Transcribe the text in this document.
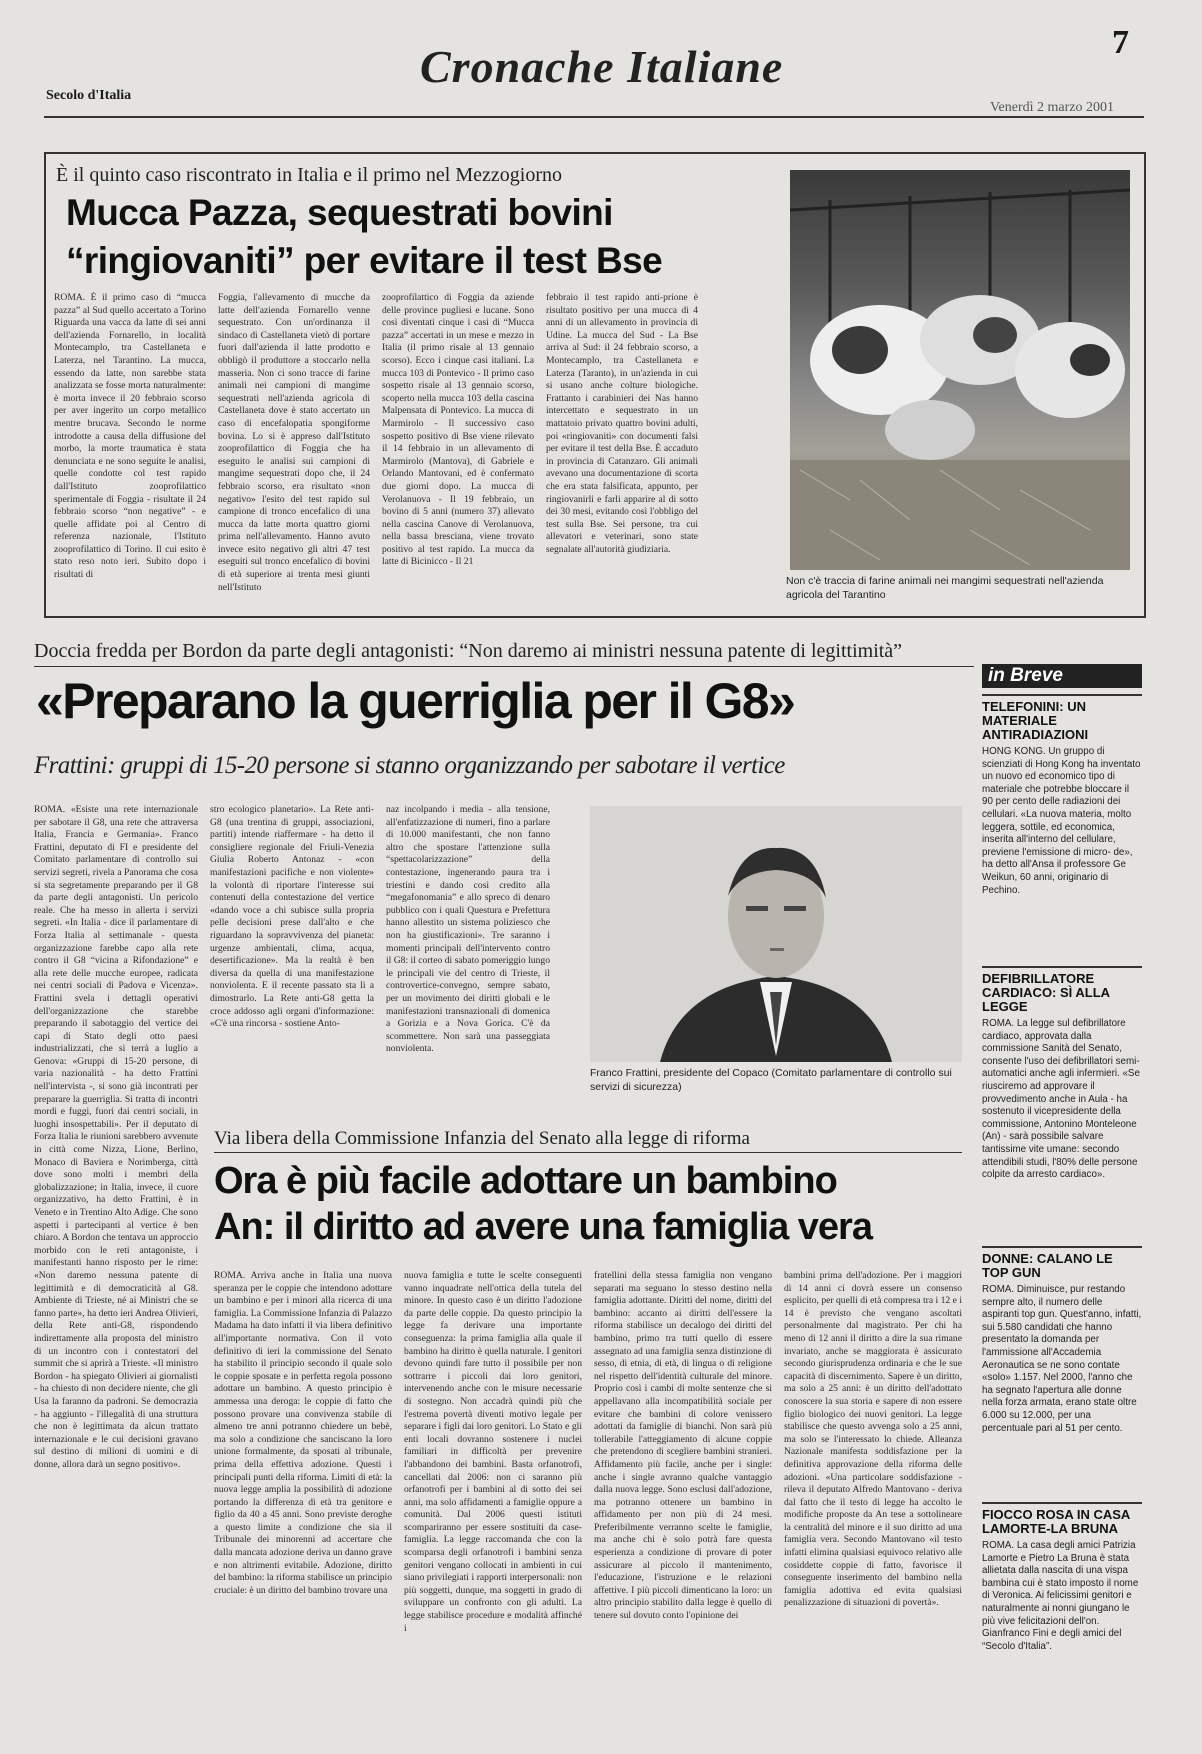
Cronache Italiane	7
Secolo d'Italia
Venerdì 2 marzo 2001
È il quinto caso riscontrato in Italia e il primo nel Mezzogiorno
Mucca Pazza, sequestrati bovini
“ringiovaniti” per evitare il test Bse
ROMA. È il primo caso di “mucca pazza” al Sud quello accertato a Torino Riguarda una vacca da latte di sei anni dell'azienda Fornarello, in località Montecamplo, tra Castellaneta e Laterza, nel Tarantino. La mucca, essendo da latte, non sarebbe stata analizzata se fosse morta naturalmente: è morta invece il 20 febbraio scorso per aver ingerito un corpo metallico mentre brucava. Secondo le norme introdotte a causa della diffusione del morbo, la morte traumatica è stata denunciata e ne sono seguite le analisi, quelle condotte col test rapido dall'Istituto zooprofilattico sperimentale di Foggia - risultate il 24 febbraio scorso “non negative” - e quelle affidate poi al Centro di referenza nazionale, l'Istituto zooprofilattico di Torino. Il cui esito è stato reso noto ieri. Subito dopo i risultati di
Foggia, l'allevamento di mucche da latte dell'azienda Fornarello venne sequestrato. Con un'ordinanza il sindaco di Castellaneta vietò di portare fuori dall'azienda il latte prodotto e obbligò il produttore a stoccarlo nella masseria. Non ci sono tracce di farine animali nei campioni di mangime sequestrati nell'azienda agricola di Castellaneta dove è stato accertato un caso di encefalopatia spongiforme bovina. Lo si è appreso dall'Istituto zooprofilattico di Foggia che ha eseguito le analisi sui campioni di mangime sequestrati dopo che, il 24 febbraio scorso, era risultato «non negativo» l'esito del test rapido sul campione di tronco encefalico di una mucca da latte morta quattro giorni prima nell'allevamento. Hanno avuto invece esito negativo gli altri 47 test eseguiti sul tronco encefalico di bovini di età superiore ai trenta mesi giunti nell'Istituto
zooprofilattico di Foggia da aziende delle province pugliesi e lucane. Sono così diventati cinque i casi di “Mucca pazza” accertati in un mese e mezzo in Italia (il primo risale al 13 gennaio scorso). Ecco i cinque casi italiani. La mucca 103 di Pontevico - Il primo caso sospetto risale al 13 gennaio scorso, scoperto nella mucca 103 della cascina Malpensata di Pontevico. La mucca di Marmirolo - Il successivo caso sospetto positivo di Bse viene rilevato il 14 febbraio in un allevamento di Marmirolo (Mantova), di Gabriele e Orlando Mantovani, ed è confermato due giorni dopo. La mucca di Verolanuova - Il 19 febbraio, un bovino di 5 anni (numero 37) allevato nella cascina Canove di Verolanuova, nella bassa bresciana, viene trovato positivo al test rapido. La mucca da latte di Bicinicco - Il 21
febbraio il test rapido anti-prione è risultato positivo per una mucca di 4 anni di un allevamento in provincia di Udine. La mucca del Sud - La Bse arriva al Sud: il 24 febbraio scorso, a Montecamplo, tra Castellaneta e Laterza (Taranto), in un'azienda in cui si usano anche colture biologiche. Frattanto i carabinieri dei Nas hanno intercettato e sequestrato in un mattatoio privato quattro bovini adulti, poi «ringiovaniti» con documenti falsi per evitare il test della Bse. È accaduto in provincia di Catanzaro. Gli animali avevano una documentazione di scorta che era stata falsificata, appunto, per ringiovanirli e farli apparire al di sotto dei 30 mesi, evitando così l'obbligo del test sulla Bse. Sei persone, tra cui allevatori e veterinari, sono state segnalate all'autorità giudiziaria.
Non c'è traccia di farine animali nei mangimi sequestrati nell'azienda agricola del Tarantino
Doccia fredda per Bordon da parte degli antagonisti: “Non daremo ai ministri nessuna patente di legittimità”
«Preparano la guerriglia per il G8»
Frattini: gruppi di 15-20 persone si stanno organizzando per sabotare il vertice
ROMA. «Esiste una rete internazionale per sabotare il G8, una rete che attraversa Italia, Francia e Germania». Franco Frattini, deputato di FI e presidente del Comitato parlamentare di controllo sui servizi segreti, rivela a Panorama che cosa si sta segretamente preparando per il G8 da parte degli antagonisti. Un pericolo reale. Che ha messo in allerta i servizi segreti. «In Italia - dice il parlamentare di Forza Italia al settimanale - questa organizzazione farebbe capo alla rete contro il G8 “vicina a Rifondazione” e alla rete delle mucche europee, radicata nei centri sociali di Padova e Vicenza». Frattini svela i dettagli operativi dell'organizzazione che starebbe preparando il sabotaggio del vertice dei capi di Stato degli otto paesi industrializzati, che si terrà a luglio a Genova: «Gruppi di 15-20 persone, di varia nazionalità - ha detto Frattini nell'intervista -, si sono già incontrati per preparare la guerriglia. Si tratta di incontri mordi e fuggi, fuori dai centri sociali, in luoghi insospettabili». Per il deputato di Forza Italia le riunioni sarebbero avvenute in città come Nizza, Lione, Berlino, Monaco di Baviera e Norimberga, città dove sono molti i membri della globalizzazione; in Italia, invece, il cuore organizzativo, ha detto Frattini, è in Veneto e in Trentino Alto Adige. Che sono aspetti i partecipanti al vertice è ben chiaro. A Bordon che tentava un approccio morbido con le reti antagoniste, i manifestanti hanno risposto per le rime: «Non daremo nessuna patente di legittimità e di democraticità al G8. Ambiente di Trieste, né ai Ministri che se fanno parte», ha detto ieri Andrea Olivieri, della Rete anti-G8, rispondendo indirettamente alla proposta del ministro di un incontro con i contestatori del summit che si aprirà a Trieste. «Il ministro Bordon - ha spiegato Olivieri ai giornalisti - ha chiesto di non decidere niente, che gli Usa la faranno da padroni. Se democrazia - ha aggiunto - l'illegalità di una struttura che non è legittimata da alcun trattato internazionale e le cui decisioni gravano sul destino di milioni di uomini e di donne, allora darà un segno positivo».
stro ecologico planetario». La Rete anti-G8 (una trentina di gruppi, associazioni, partiti) intende riaffermare - ha detto il consigliere regionale del Friuli-Venezia Giulia Roberto Antonaz - «con manifestazioni pacifiche e non violente» la volontà di riportare l'interesse sui contenuti della contestazione del vertice «dando voce a chi subisce sulla propria pelle decisioni prese dall'alto e che riguardano la sopravvivenza del pianeta: urgenze ambientali, clima, acqua, desertificazione». Ma la realtà è ben diversa da quella di una manifestazione nonviolenta. E il recente passato sta lì a dimostrarlo. La Rete anti-G8 getta la croce addosso agli organi d'informazione: «C'è una rincorsa - sostiene Anto-
naz incolpando i media - alla tensione, all'enfatizzazione di numeri, fino a parlare di 10.000 manifestanti, che non fanno altro che spostare l'attenzione sulla “spettacolarizzazione” della contestazione, ingenerando paura tra i triestini e dando così credito alla “megafonomania” e allo spreco di denaro pubblico con i quali Questura e Prefettura hanno allestito un sistema poliziesco che non ha giustificazioni». Tre saranno i momenti principali dell'intervento contro il G8: il corteo di sabato pomeriggio lungo le principali vie del centro di Trieste, il controvertice-convegno, sempre sabato, per un movimento dei diritti globali e le manifestazioni transnazionali di domenica a Gorizia e a Nova Gorica. C'è da scommettere. Non sarà una passeggiata nonviolenta.
Franco Frattini, presidente del Copaco (Comitato parlamentare di controllo sui servizi di sicurezza)
Via libera della Commissione Infanzia del Senato alla legge di riforma
Ora è più facile adottare un bambino
An: il diritto ad avere una famiglia vera
ROMA. Arriva anche in Italia una nuova speranza per le coppie che intendono adottare un bambino e per i minori alla ricerca di una famiglia. La Commissione Infanzia di Palazzo Madama ha dato infatti il via libera definitivo all'importante normativa. Con il voto definitivo di ieri la commissione del Senato ha stabilito il principio secondo il quale solo le coppie sposate e in perfetta regola possono adottare un bambino. A questo principio è ammessa una deroga: le coppie di fatto che possono provare una convivenza stabile di almeno tre anni potranno chiedere un bebè, ma solo a condizione che sanciscano la loro unione formalmente, da sposati al tribunale, prima della effettiva adozione. Questi i principali punti della riforma. Limiti di età: la nuova legge amplia la possibilità di adozione portando la differenza di età tra genitore e figlio da 40 a 45 anni. Sono previste deroghe a questo limite a condizione che sia il Tribunale dei minorenni ad accertare che dalla mancata adozione deriva un danno grave e non altrimenti evitabile. Adozione, diritto del bambino: la riforma stabilisce un principio cruciale: è un diritto del bambino trovare una
nuova famiglia e tutte le scelte conseguenti vanno inquadrate nell'ottica della tutela del minore. In questo caso è un diritto l'adozione da parte delle coppie. Da questo principio la legge fa derivare una importante conseguenza: la prima famiglia alla quale il bambino ha diritto è quella naturale. I genitori devono quindi fare tutto il possibile per non sottrarre i piccoli dai loro genitori, intervenendo anche con le misure necessarie di sostegno. Non accadrà quindi più che l'estrema povertà diventi motivo legale per separare i figli dai loro genitori. Lo Stato e gli enti locali dovranno sostenere i nuclei familiari in difficoltà per prevenire l'abbandono dei bambini. Basta orfanotrofi, cancellati dal 2006: non ci saranno più orfanotrofi per i bambini al di sotto dei sei anni, ma solo affidamenti a famiglie oppure a comunità. Dal 2006 questi istituti scompariranno per essere sostituiti da case-famiglia. La legge raccomanda che con la scomparsa degli orfanotrofi i bambini senza genitori vengano collocati in ambienti in cui siano privilegiati i rapporti interpersonali: non più soggetti, dunque, ma soggetti in grado di sviluppare un confronto con gli adulti. La legge stabilisce procedure e modalità affinché i
fratellini della stessa famiglia non vengano separati ma seguano lo stesso destino nella famiglia adottante. Diritti del nome, diritti del bambino: accanto ai diritti dell'essere la riforma stabilisce un decalogo dei diritti del bambino, primo tra tutti quello di essere assegnato ad una famiglia senza distinzione di sesso, di etnia, di età, di lingua o di religione nel rispetto dell'identità culturale del minore. Proprio così i cambi di molte sentenze che si appellavano alla incompatibilità sociale per evitare che bambini di colore venissero adottati da famiglie di bianchi. Non sarà più tollerabile l'atteggiamento di alcune coppie che pretendono di scegliere bambini stranieri. Affidamento più facile, anche per i single: anche i single avranno qualche vantaggio dalla nuova legge. Sono esclusi dall'adozione, ma potranno ottenere un bambino in affidamento per non più di 24 mesi. Preferibilmente verranno scelte le famiglie, ma anche chi è solo potrà fare questa esperienza a condizione di provare di poter assicurare al piccolo il mantenimento, l'educazione, l'istruzione e le relazioni affettive. I più piccoli dimenticano la loro: un altro principio stabilito dalla legge è quello di tenere sul dovuto conto l'opinione dei
bambini prima dell'adozione. Per i maggiori di 14 anni ci dovrà essere un consenso esplicito, per quelli di età compresa tra i 12 e i 14 è previsto che vengano ascoltati personalmente dal magistrato. Per chi ha meno di 12 anni il diritto a dire la sua rimane invariato, anche se maggiorata è assicurato secondo giurisprudenza ordinaria e che le sue capacità di discernimento. Sapere è un diritto, ma solo a 25 anni: è un diritto dell'adottato conoscere la sua storia e sapere di non essere figlio biologico dei nuovi genitori. La legge stabilisce che questo avvenga solo a 25 anni, ma solo se l'interessato lo chiede. Alleanza Nazionale manifesta soddisfazione per la definitiva approvazione della riforma delle adozioni. «Una particolare soddisfazione - rileva il deputato Alfredo Mantovano - deriva dal fatto che il testo di legge ha accolto le modifiche proposte da An tese a sottolineare la centralità del minore e il suo diritto ad una famiglia vera. Secondo Mantovano «il testo infatti elimina qualsiasi equivoco relativo alle cosiddette coppie di fatto, favorisce il conseguente inserimento del bambino nella famiglia adottiva ed evita qualsiasi penalizzazione di situazioni di povertà».
in Breve
TELEFONINI: UN MATERIALE ANTIRADIAZIONI
HONG KONG. Un gruppo di scienziati di Hong Kong ha inventato un nuovo ed economico tipo di materiale che potrebbe bloccare il 90 per cento delle radiazioni dei cellulari. «La nuova materia, molto leggera, sottile, ed economica, inserita all'interno del cellulare, previene l'emissione di micro- de», ha detto all'Ansa il professore Ge Weikun, 60 anni, originario di Pechino.
DEFIBRILLATORE CARDIACO: SÌ ALLA LEGGE
ROMA. La legge sul defibrillatore cardiaco, approvata dalla commissione Sanità del Senato, consente l'uso dei defibrillatori semi-automatici anche agli infermieri. «Se riusciremo ad approvare il provvedimento anche in Aula - ha sostenuto il vicepresidente della commissione, Antonino Monteleone (An) - sarà possibile salvare tantissime vite umane: secondo attendibili studi, l'80% delle persone colpite da arresto cardiaco».
DONNE: CALANO LE TOP GUN
ROMA. Diminuisce, pur restando sempre alto, il numero delle aspiranti top gun. Quest'anno, infatti, sui 5.580 candidati che hanno presentato la domanda per l'ammissione all'Accademia Aeronautica se ne sono contate «solo» 1.157. Nel 2000, l'anno che ha segnato l'apertura alle donne nella forza armata, erano state oltre 6.000 su 12.000, per una percentuale pari al 51 per cento.
FIOCCO ROSA IN CASA LAMORTE-LA BRUNA
ROMA. La casa degli amici Patrizia Lamorte e Pietro La Bruna è stata allietata dalla nascita di una vispa bambina cui è stato imposto il nome di Veronica. Ai felicissimi genitori e naturalmente ai nonni giungano le più vive felicitazioni dell'on. Gianfranco Fini e degli amici del “Secolo d'Italia”.
